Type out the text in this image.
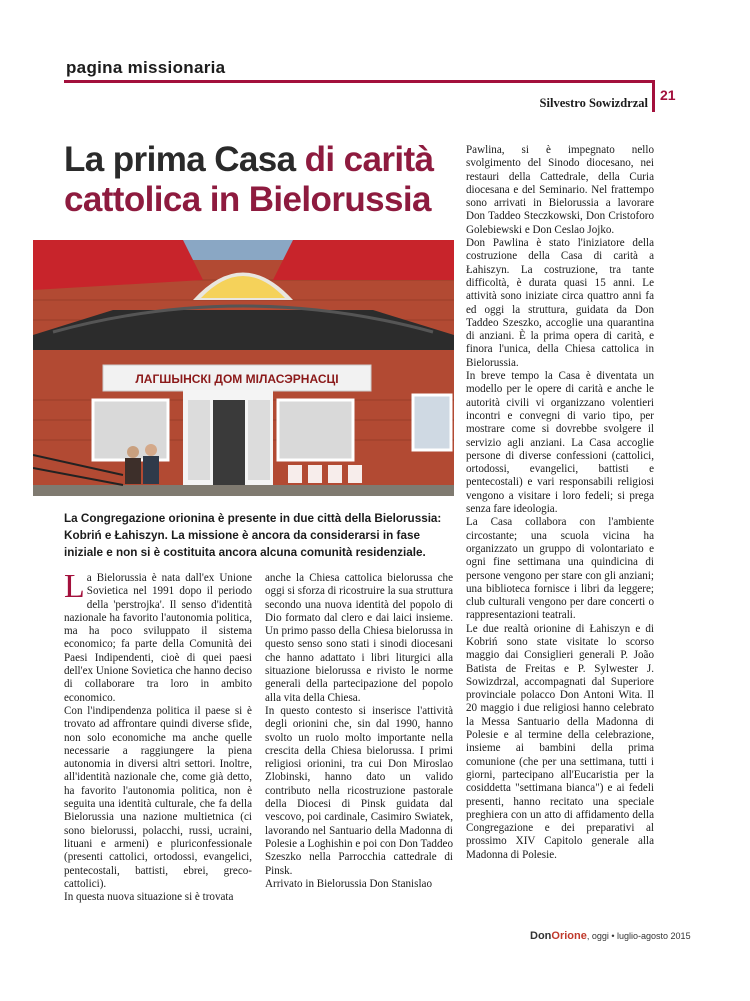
pagina missionaria
21
Silvestro Sowizdrzal
La prima Casa di carità
cattolica in Bielorussia
ЛАГШЫНСКІ ДОМ МІЛАСЭРНАСЦІ
La Congregazione orionina è presente in due città della Bielorussia: Kobriń e Łahiszyn. La missione è ancora da considerarsi in fase iniziale e non si è costituita ancora alcuna comunità residenziale.

La Bielorussia è nata dall'ex Unione Sovietica nel 1991 dopo il periodo della 'perstrojka'. Il senso d'identità nazionale ha favorito l'autonomia politica, ma ha poco sviluppato il sistema economico; fa parte della Comunità dei Paesi Indipendenti, cioè di quei paesi dell'ex Unione Sovietica che hanno deciso di collaborare tra loro in ambito economico.

Con l'indipendenza politica il paese si è trovato ad affrontare quindi diverse sfide, non solo economiche ma anche quelle necessarie a raggiungere la piena autonomia in diversi altri settori. Inoltre, all'identità nazionale che, come già detto, ha favorito l'autonomia politica, non è seguita una identità culturale, che fa della Bielorussia una nazione multietnica (ci sono bielorussi, polacchi, russi, ucraini, lituani e armeni) e pluriconfessionale (presenti cattolici, ortodossi, evangelici, pentecostali, battisti, ebrei, greco-cattolici).

In questa nuova situazione si è trovata

anche la Chiesa cattolica bielorussa che oggi si sforza di ricostruire la sua struttura secondo una nuova identità del popolo di Dio formato dal clero e dai laici insieme. Un primo passo della Chiesa bielorussa in questo senso sono stati i sinodi diocesani che hanno adattato i libri liturgici alla situazione bielorussa e rivisto le norme generali della partecipazione del popolo alla vita della Chiesa.

In questo contesto si inserisce l'attività degli orionini che, sin dal 1990, hanno svolto un ruolo molto importante nella crescita della Chiesa bielorussa. I primi religiosi orionini, tra cui Don Miroslao Zlobinski, hanno dato un valido contributo nella ricostruzione pastorale della Diocesi di Pinsk guidata dal vescovo, poi cardinale, Casimiro Swiatek, lavorando nel Santuario della Madonna di Polesie a Loghishin e poi con Don Taddeo Szeszko nella Parrocchia cattedrale di Pinsk.

Arrivato in Bielorussia Don Stanislao

Pawlina, si è impegnato nello svolgimento del Sinodo diocesano, nei restauri della Cattedrale, della Curia diocesana e del Seminario. Nel frattempo sono arrivati in Bielorussia a lavorare Don Taddeo Steczkowski, Don Cristoforo Golebiewski e Don Ceslao Jojko.

Don Pawlina è stato l'iniziatore della costruzione della Casa di carità a Łahiszyn. La costruzione, tra tante difficoltà, è durata quasi 15 anni. Le attività sono iniziate circa quattro anni fa ed oggi la struttura, guidata da Don Taddeo Szeszko, accoglie una quarantina di anziani. È la prima opera di carità, e finora l'unica, della Chiesa cattolica in Bielorussia.

In breve tempo la Casa è diventata un modello per le opere di carità e anche le autorità civili vi organizzano volentieri incontri e convegni di vario tipo, per mostrare come si dovrebbe svolgere il servizio agli anziani. La Casa accoglie persone di diverse confessioni (cattolici, ortodossi, evangelici, battisti e pentecostali) e vari responsabili religiosi vengono a visitare i loro fedeli; si prega senza fare ideologia.

La Casa collabora con l'ambiente circostante; una scuola vicina ha organizzato un gruppo di volontariato e ogni fine settimana una quindicina di persone vengono per stare con gli anziani; una biblioteca fornisce i libri da leggere; club culturali vengono per dare concerti o rappresentazioni teatrali.

Le due realtà orionine di Łahiszyn e di Kobriń sono state visitate lo scorso maggio dai Consiglieri generali P. João Batista de Freitas e P. Sylwester J. Sowizdrzal, accompagnati dal Superiore provinciale polacco Don Antoni Wita. Il 20 maggio i due religiosi hanno celebrato la Messa Santuario della Madonna di Polesie e al termine della celebrazione, insieme ai bambini della prima comunione (che per una settimana, tutti i giorni, partecipano all'Eucaristia per la cosiddetta "settimana bianca") e ai fedeli presenti, hanno recitato una speciale preghiera con un atto di affidamento della Congregazione e dei preparativi al prossimo XIV Capitolo generale alla Madonna di Polesie.

DonOrione, oggi • luglio-agosto 2015
